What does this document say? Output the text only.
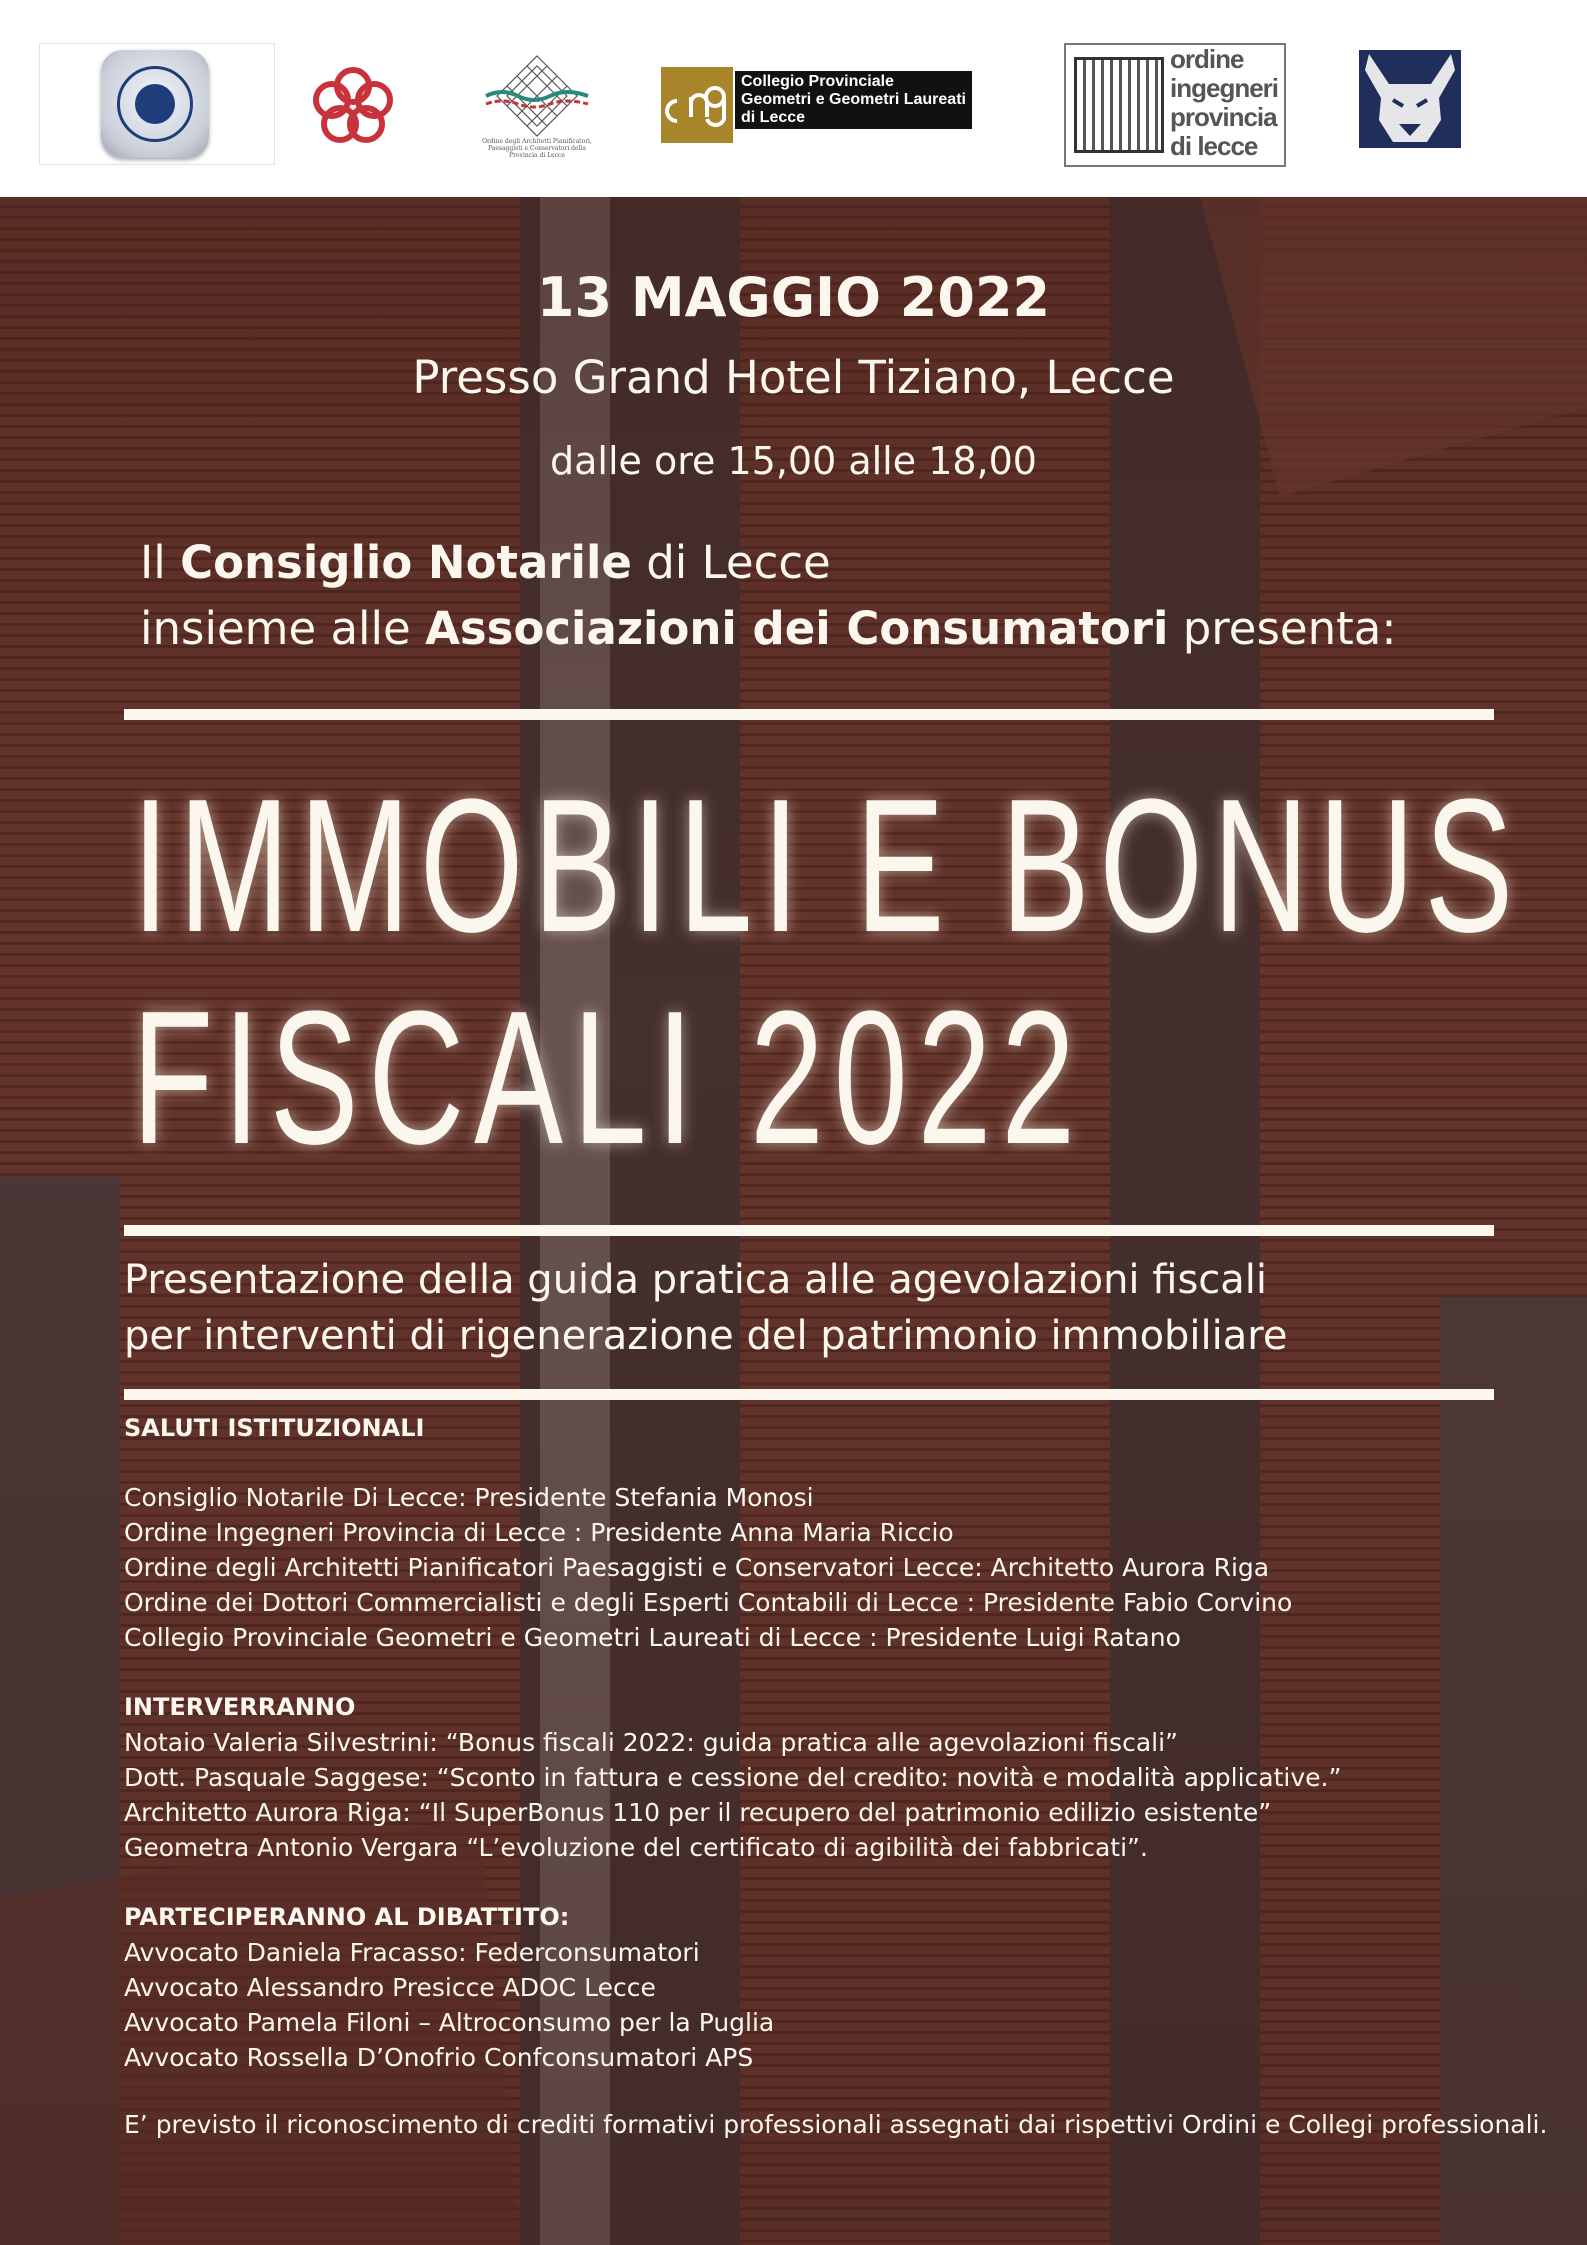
Ordine degli Architetti Pianificatori, Paesaggisti e Conservatori della Provincia di Lecce
Collegio Provinciale
Geometri e Geometri Laureati
di Lecce
ordine
ingegneri
provincia
di lecce
13 MAGGIO 2022
Presso Grand Hotel Tiziano, Lecce
dalle ore 15,00 alle 18,00
Il Consiglio Notarile di Lecce
insieme alle Associazioni dei Consumatori presenta:
IMMOBILI E BONUS
FISCALI 2022
Presentazione della guida pratica alle agevolazioni fiscali
per interventi di rigenerazione del patrimonio immobiliare
SALUTI ISTITUZIONALI
Consiglio Notarile Di Lecce: Presidente Stefania Monosi
Ordine Ingegneri Provincia di Lecce : Presidente Anna Maria Riccio
Ordine degli Architetti Pianificatori Paesaggisti e Conservatori Lecce: Architetto Aurora Riga
Ordine dei Dottori Commercialisti e degli Esperti Contabili di Lecce : Presidente Fabio Corvino
Collegio Provinciale Geometri e Geometri Laureati di Lecce : Presidente Luigi Ratano
INTERVERRANNO
Notaio Valeria Silvestrini: “Bonus fiscali 2022: guida pratica alle agevolazioni fiscali”
Dott. Pasquale Saggese: “Sconto in fattura e cessione del credito: novità e modalità applicative.”
Architetto Aurora Riga: “Il SuperBonus 110 per il recupero del patrimonio edilizio esistente”
Geometra Antonio Vergara “L’evoluzione del certificato di agibilità dei fabbricati”.
PARTECIPERANNO AL DIBATTITO:
Avvocato Daniela Fracasso: Federconsumatori
Avvocato Alessandro Presicce ADOC Lecce
Avvocato Pamela Filoni – Altroconsumo per la Puglia
Avvocato Rossella D’Onofrio Confconsumatori APS
E’ previsto il riconoscimento di crediti formativi professionali assegnati dai rispettivi Ordini e Collegi professionali.
